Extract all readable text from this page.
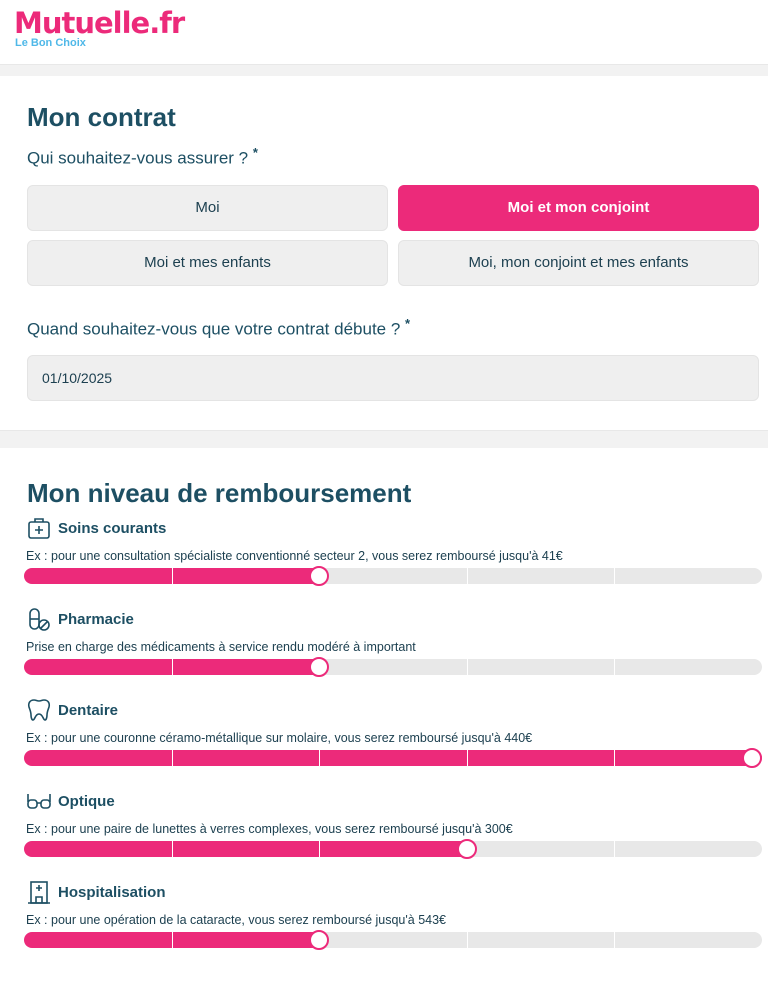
Mutuelle.fr
Le Bon Choix
Mon contrat
Qui souhaitez-vous assurer ? *
Moi	Moi et mon conjoint
Moi et mes enfants	Moi, mon conjoint et mes enfants
Quand souhaitez-vous que votre contrat débute ? *
01/10/2025
Mon niveau de remboursement
Soins courants
Ex : pour une consultation spécialiste conventionné secteur 2, vous serez remboursé jusqu'à 41€
Pharmacie
Prise en charge des médicaments à service rendu modéré à important
Dentaire
Ex : pour une couronne céramo-métallique sur molaire, vous serez remboursé jusqu'à 440€
Optique
Ex : pour une paire de lunettes à verres complexes, vous serez remboursé jusqu'à 300€
Hospitalisation
Ex : pour une opération de la cataracte, vous serez remboursé jusqu'à 543€
